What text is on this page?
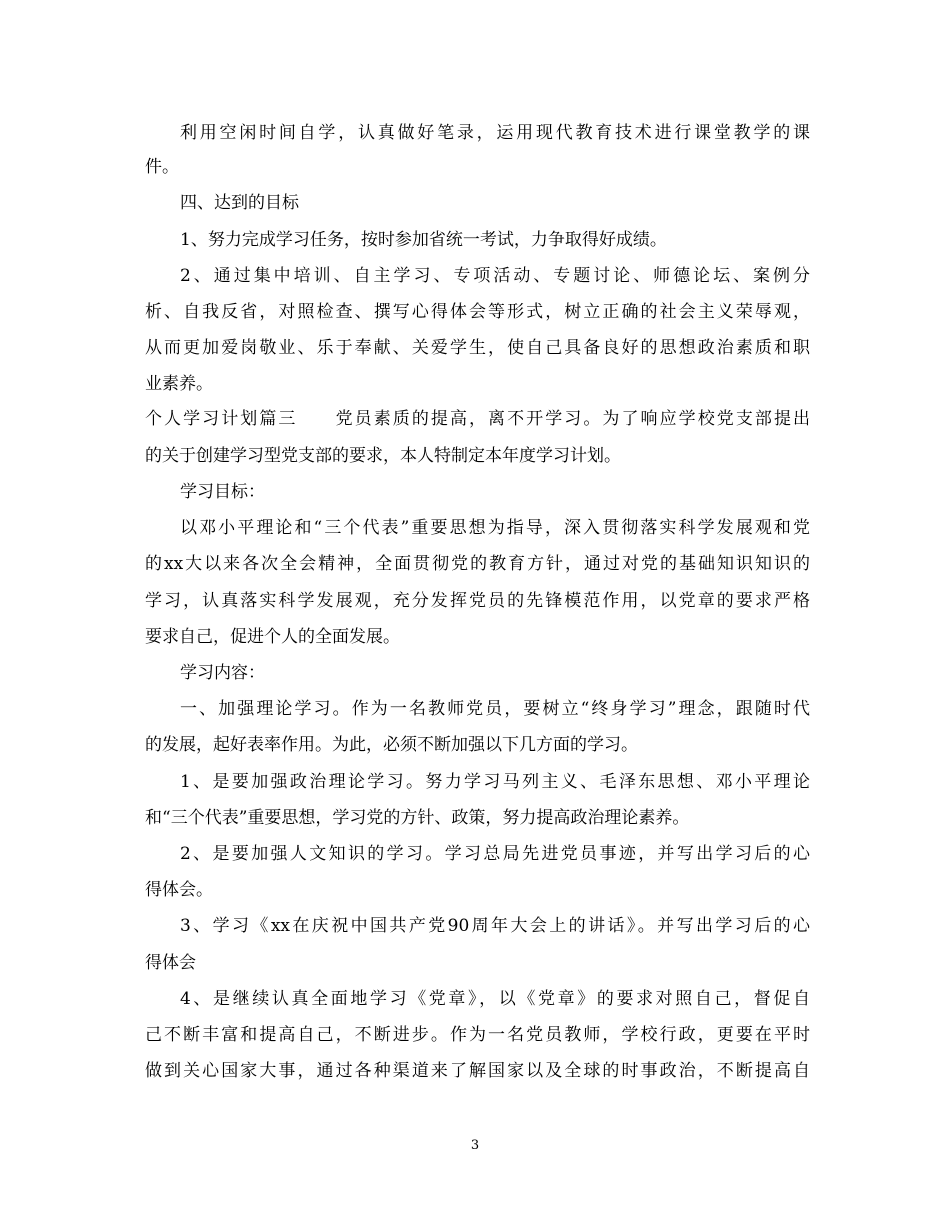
利用空闲时间自学，认真做好笔录，运用现代教育技术进行课堂教学的课
件。
四、达到的目标
1、努力完成学习任务，按时参加省统一考试，力争取得好成绩。
2、通过集中培训、自主学习、专项活动、专题讨论、师德论坛、案例分
析、自我反省，对照检查、撰写心得体会等形式，树立正确的社会主义荣辱观，
从而更加爱岗敬业、乐于奉献、关爱学生，使自己具备良好的思想政治素质和职
业素养。
个人学习计划篇三　　党员素质的提高，离不开学习。为了响应学校党支部提出
的关于创建学习型党支部的要求，本人特制定本年度学习计划。
学习目标：
以邓小平理论和“三个代表”重要思想为指导，深入贯彻落实科学发展观和党
的xx大以来各次全会精神，全面贯彻党的教育方针，通过对党的基础知识知识的
学习，认真落实科学发展观，充分发挥党员的先锋模范作用，以党章的要求严格
要求自己，促进个人的全面发展。
学习内容：
一、加强理论学习。作为一名教师党员，要树立“终身学习”理念，跟随时代
的发展，起好表率作用。为此，必须不断加强以下几方面的学习。
1、是要加强政治理论学习。努力学习马列主义、毛泽东思想、邓小平理论
和“三个代表”重要思想，学习党的方针、政策，努力提高政治理论素养。
2、是要加强人文知识的学习。学习总局先进党员事迹，并写出学习后的心
得体会。
3、学习《xx在庆祝中国共产党90周年大会上的讲话》。并写出学习后的心
得体会
4、是继续认真全面地学习《党章》，以《党章》的要求对照自己，督促自
己不断丰富和提高自己，不断进步。作为一名党员教师，学校行政，更要在平时
做到关心国家大事，通过各种渠道来了解国家以及全球的时事政治，不断提高自
3
